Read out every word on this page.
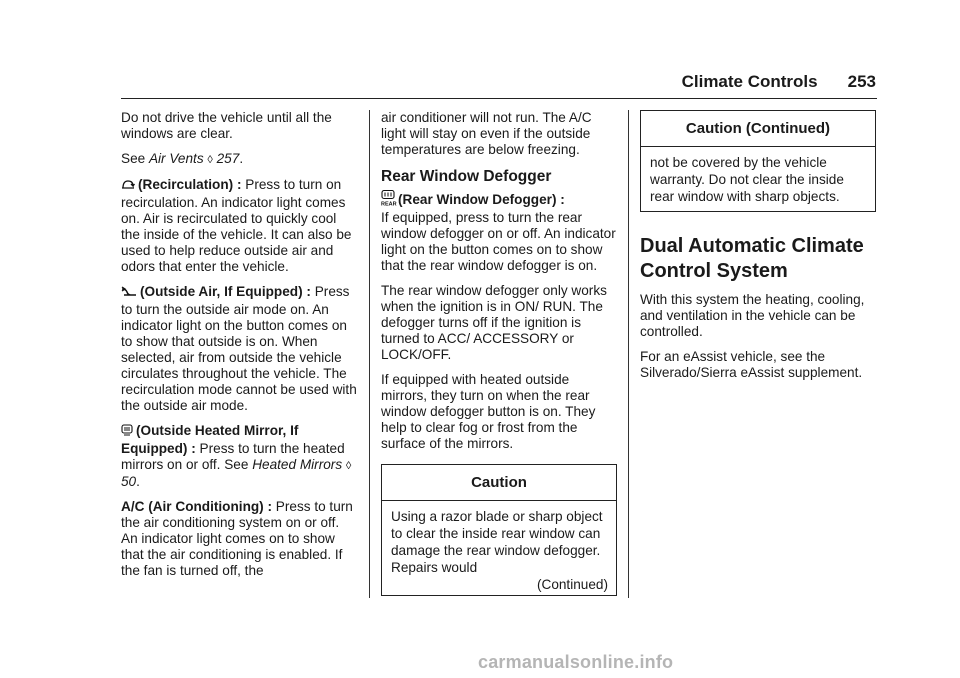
Climate Controls 253

Do not drive the vehicle until all the windows are clear.

See Air Vents ◊ 257.

(Recirculation) : Press to turn on recirculation. An indicator light comes on. Air is recirculated to quickly cool the inside of the vehicle. It can also be used to help reduce outside air and odors that enter the vehicle.

(Outside Air, If Equipped) : Press to turn the outside air mode on. An indicator light on the button comes on to show that outside is on. When selected, air from outside the vehicle circulates throughout the vehicle. The recirculation mode cannot be used with the outside air mode.

(Outside Heated Mirror, If Equipped) : Press to turn the heated mirrors on or off. See Heated Mirrors ◊ 50.

A/C (Air Conditioning) : Press to turn the air conditioning system on or off. An indicator light comes on to show that the air conditioning is enabled. If the fan is turned off, the

air conditioner will not run. The A/C light will stay on even if the outside temperatures are below freezing.

Rear Window Defogger

REAR (Rear Window Defogger) :
If equipped, press to turn the rear window defogger on or off. An indicator light on the button comes on to show that the rear window defogger is on.

The rear window defogger only works when the ignition is in ON/ RUN. The defogger turns off if the ignition is turned to ACC/ ACCESSORY or LOCK/OFF.

If equipped with heated outside mirrors, they turn on when the rear window defogger button is on. They help to clear fog or frost from the surface of the mirrors.

Caution
Using a razor blade or sharp object to clear the inside rear window can damage the rear window defogger. Repairs would
(Continued)
Caution (Continued)
not be covered by the vehicle warranty. Do not clear the inside rear window with sharp objects.
Dual Automatic Climate Control System

With this system the heating, cooling, and ventilation in the vehicle can be controlled.

For an eAssist vehicle, see the Silverado/Sierra eAssist supplement.

carmanualsonline.info
